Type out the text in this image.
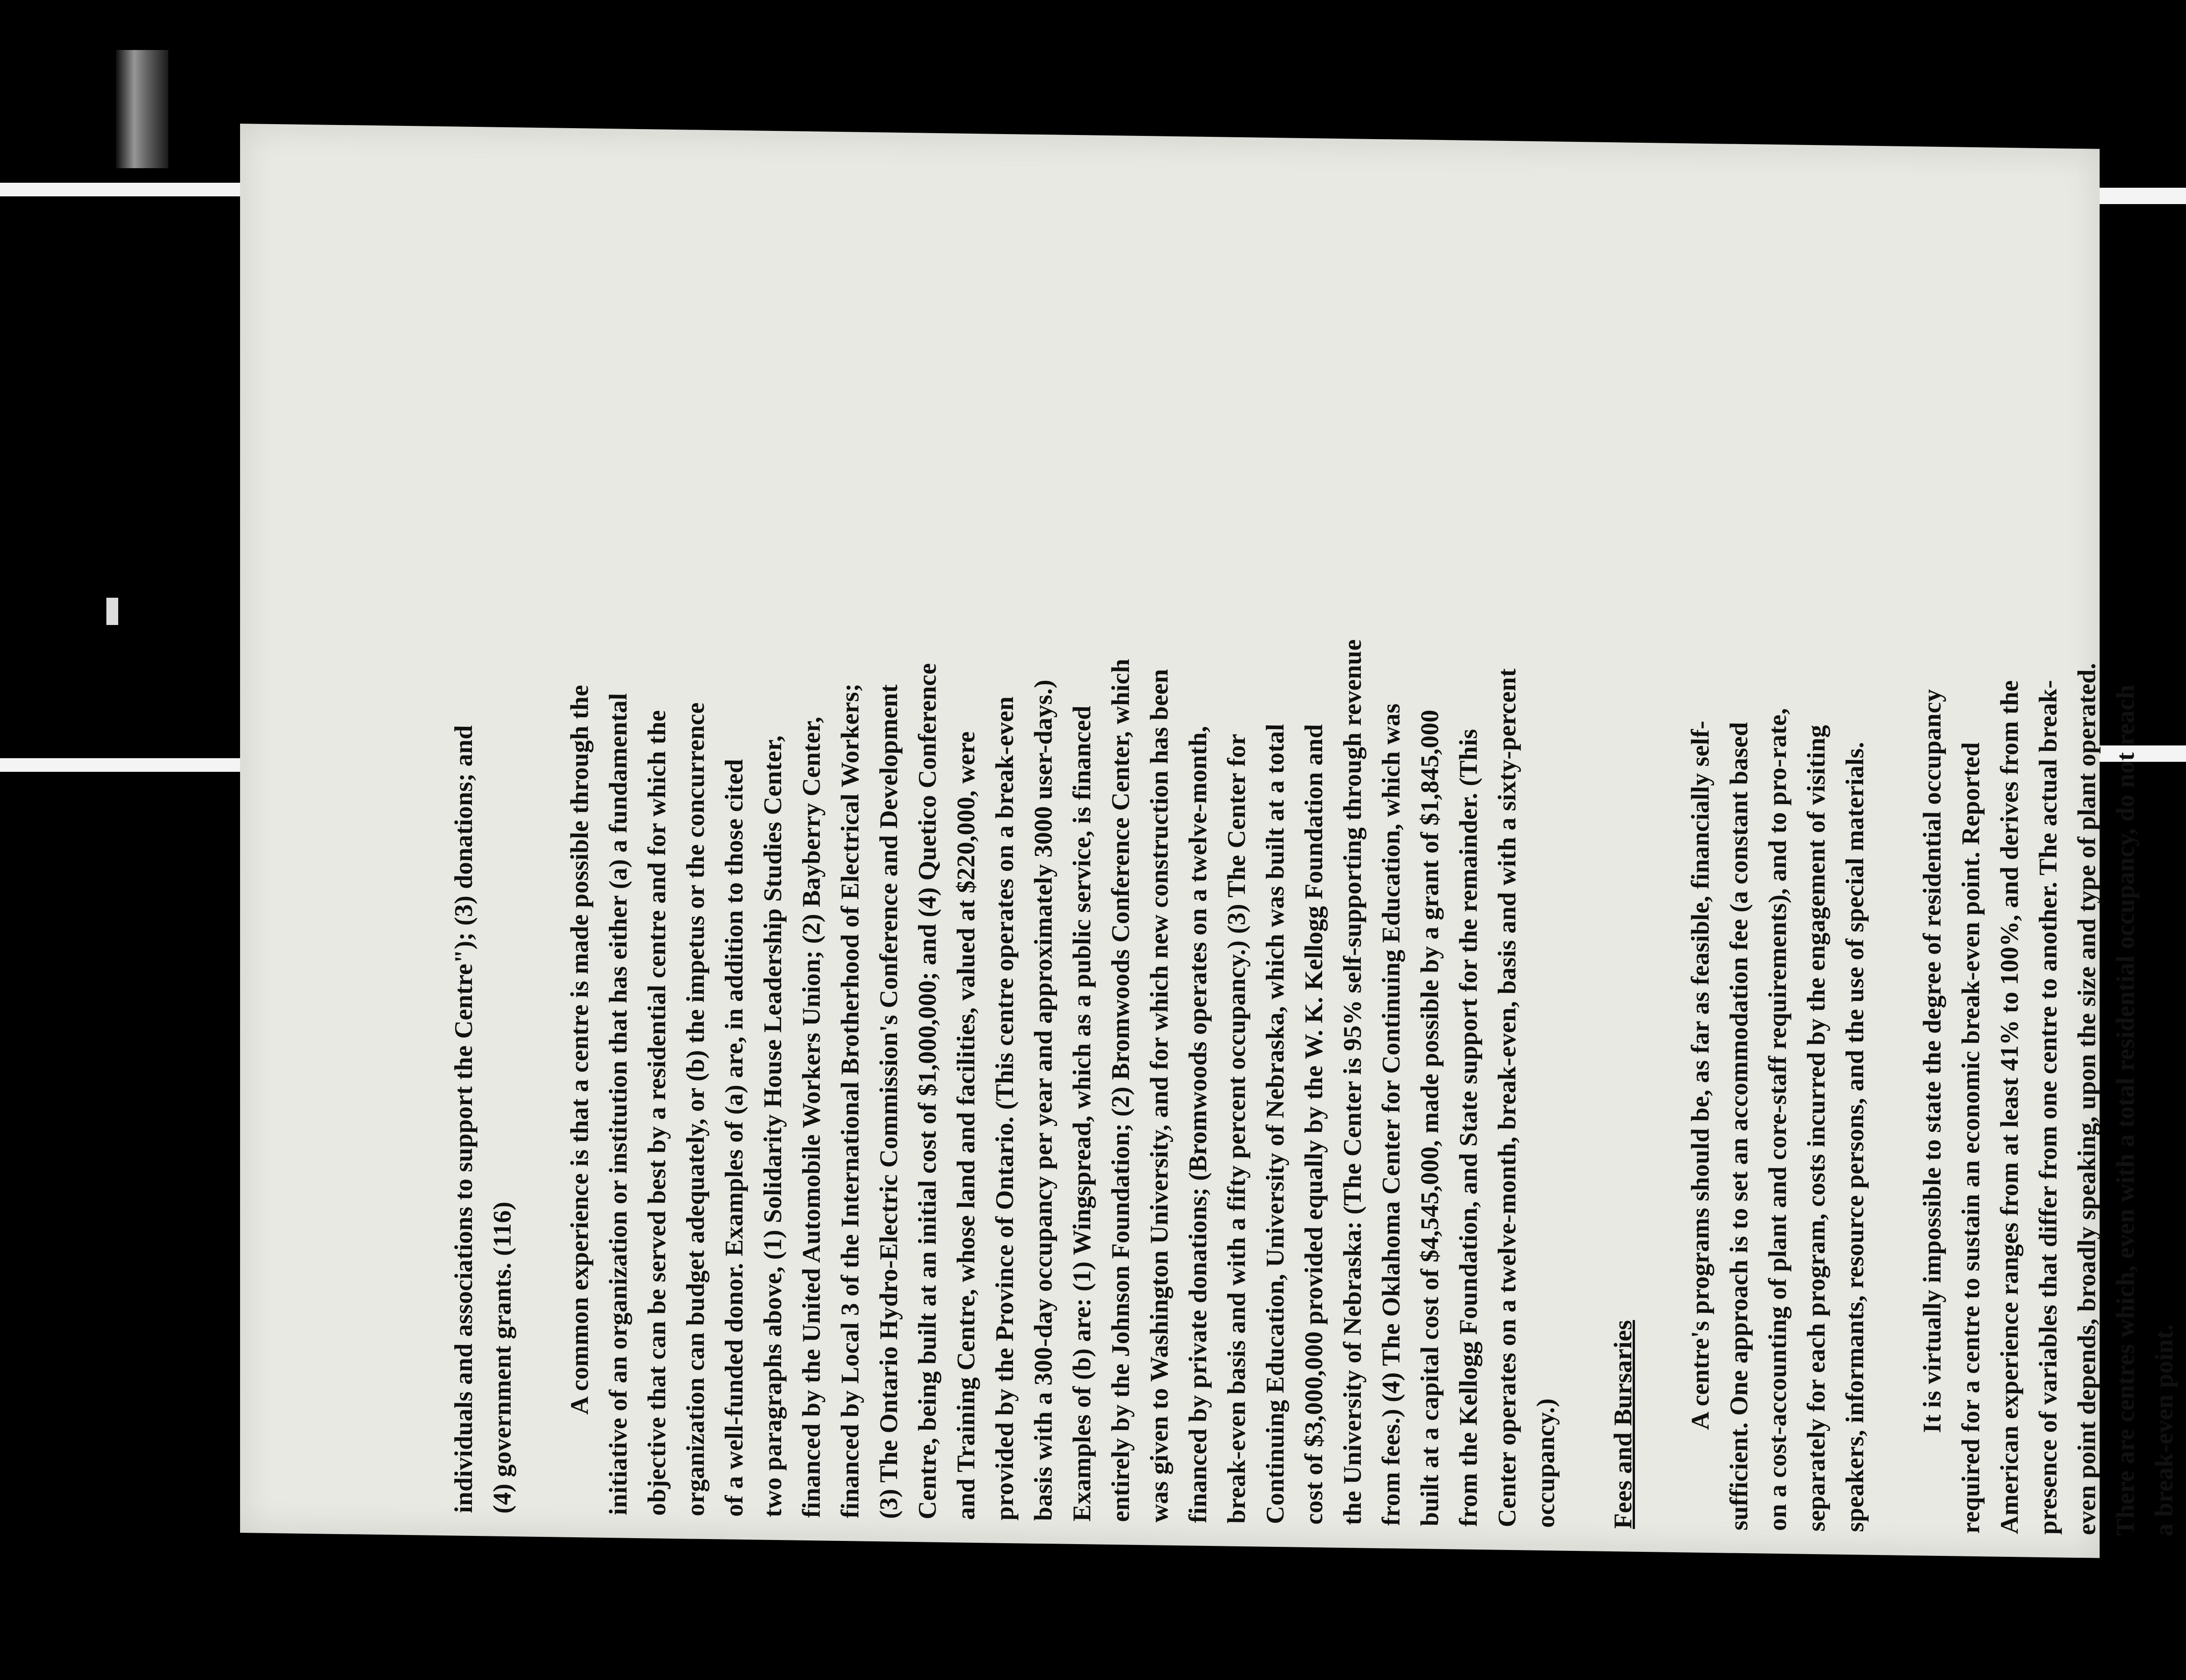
individuals and associations to support the Centre"); (3) donations; and (4) government grants. (116) A common experience is that a centre is made possible through the initiative of an organization or institution that has either (a) a fundamental objective that can be served best by a residential centre and for which the organization can budget adequately, or (b) the impetus or the concurrence of a well-funded donor. Examples of (a) are, in addition to those cited two paragraphs above, (1) Solidarity House Leadership Studies Center, financed by the United Automobile Workers Union; (2) Bayberry Center, financed by Local 3 of the International Brotherhood of Electrical Workers; (3) The Ontario Hydro-Electric Commission's Conference and Development Centre, being built at an initial cost of $1,000,000; and (4) Quetico Conference and Training Centre, whose land and facilities, valued at $220,000, were provided by the Province of Ontario. (This centre operates on a break-even basis with a 300-day occupancy per year and approximately 3000 user-days.) Examples of (b) are: (1) Wingspread, which as a public service, is financed entirely by the Johnson Foundation; (2) Bromwoods Conference Center, which was given to Washington University, and for which new construction has been financed by private donations; (Bromwoods operates on a twelve-month, break-even basis and with a fifty percent occupancy.) (3) The Center for Continuing Education, University of Nebraska, which was built at a total cost of $3,000,000 provided equally by the W. K. Kellogg Foundation and the University of Nebraska: (The Center is 95% self-supporting through revenue from fees.) (4) The Oklahoma Center for Continuing Education, which was built at a capital cost of $4,545,000, made possible by a grant of $1,845,000 from the Kellogg Foundation, and State support for the remainder. (This Center operates on a twelve-month, break-even, basis and with a sixty-percent occupancy.) Fees and Bursaries A centre's programs should be, as far as feasible, financially self- sufficient. One approach is to set an accommodation fee (a constant based on a cost-accounting of plant and core-staff requirements), and to pro-rate, separately for each program, costs incurred by the engagement of visiting speakers, informants, resource persons, and the use of special materials. It is virtually impossible to state the degree of residential occupancy required for a centre to sustain an economic break-even point. Reported American experience ranges from at least 41% to 100%, and derives from the presence of variables that differ from one centre to another. The actual break- even point depends, broadly speaking, upon the size and type of plant operated. There are centres which, even with a total residential occupancy, do not reach a break-even point.
-54 -
